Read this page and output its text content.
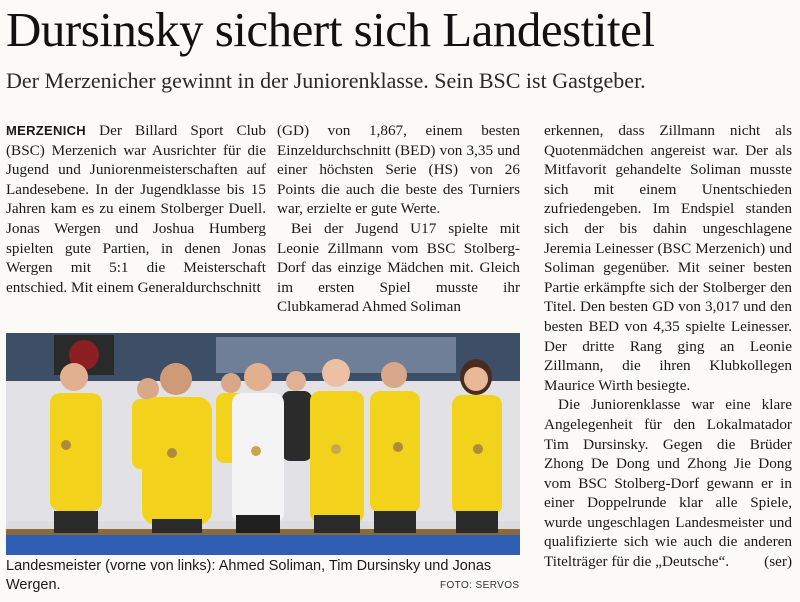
Dursinsky sichert sich Landestitel
Der Merzenicher gewinnt in der Juniorenklasse. Sein BSC ist Gastgeber.

MERZENICH Der Billard Sport Club (BSC) Merzenich war Ausrichter für die Jugend und Juniorenmeisterschaften auf Landesebene. In der Jugendklasse bis 15 Jahren kam es zu einem Stolberger Duell. Jonas Wergen und Joshua Humberg spielten gute Partien, in denen Jonas Wergen mit 5:1 die Meisterschaft entschied. Mit einem Generaldurchschnitt

(GD) von 1,867, einem besten Einzeldurchschnitt (BED) von 3,35 und einer höchsten Serie (HS) von 26 Points die auch die beste des Turniers war, erzielte er gute Werte.

Bei der Jugend U17 spielte mit Leonie Zillmann vom BSC Stolberg-Dorf das einzige Mädchen mit. Gleich im ersten Spiel musste ihr Clubkamerad Ahmed Soliman

erkennen, dass Zillmann nicht als Quotenmädchen angereist war. Der als Mitfavorit gehandelte Soliman musste sich mit einem Unentschieden zufriedengeben. Im Endspiel standen sich der bis dahin ungeschlagene Jeremia Leinesser (BSC Merzenich) und Soliman gegenüber. Mit seiner besten Partie erkämpfte sich der Stolberger den Titel. Den besten GD von 3,017 und den besten BED von 4,35 spielte Leinesser. Der dritte Rang ging an Leonie Zillmann, die ihren Klubkollegen Maurice Wirth besiegte.

Die Juniorenklasse war eine klare Angelegenheit für den Lokalmatador Tim Dursinsky. Gegen die Brüder Zhong De Dong und Zhong Jie Dong vom BSC Stolberg-Dorf gewann er in einer Doppelrunde klar alle Spiele, wurde ungeschlagen Landesmeister und qualifizierte sich wie auch die anderen Titelträger für die „Deutsche“.	(ser)

Landesmeister (vorne von links): Ahmed Soliman, Tim Dursinsky und Jonas Wergen.	FOTO: SERVOS
